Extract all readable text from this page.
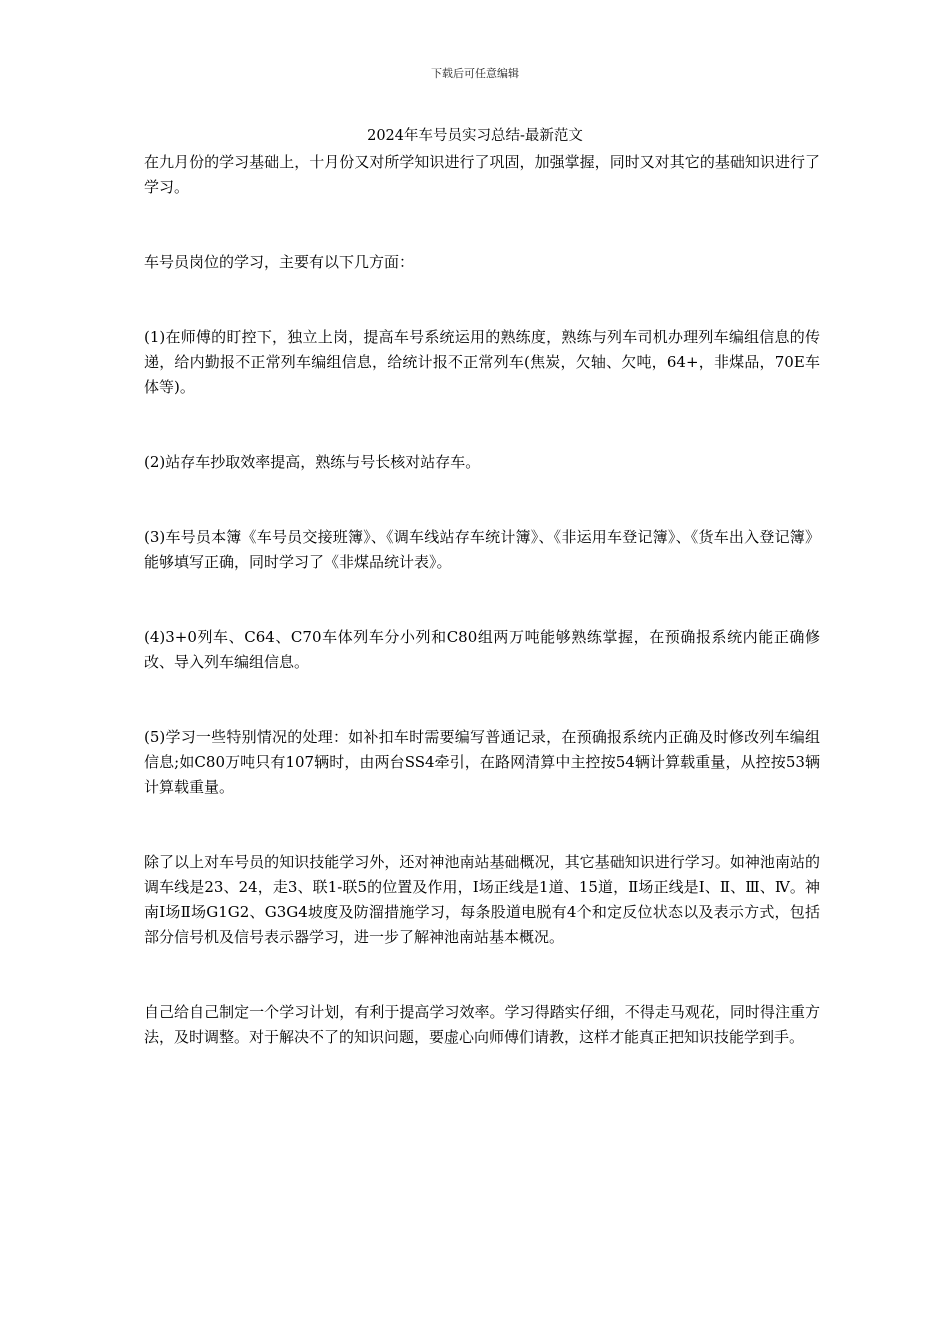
下载后可任意编辑
2024年车号员实习总结-最新范文

在九月份的学习基础上，十月份又对所学知识进行了巩固，加强掌握，同时又对其它的基础知识进行了学习。

车号员岗位的学习，主要有以下几方面：

(1)在师傅的盯控下，独立上岗，提高车号系统运用的熟练度，熟练与列车司机办理列车编组信息的传递，给内勤报不正常列车编组信息，给统计报不正常列车(焦炭，欠轴、欠吨，64+，非煤品，70E车体等)。

(2)站存车抄取效率提高，熟练与号长核对站存车。

(3)车号员本簿《车号员交接班簿》、《调车线站存车统计簿》、《非运用车登记簿》、《货车出入登记簿》能够填写正确，同时学习了《非煤品统计表》。

(4)3+0列车、C64、C70车体列车分小列和C80组两万吨能够熟练掌握，在预确报系统内能正确修改、导入列车编组信息。

(5)学习一些特别情况的处理：如补扣车时需要编写普通记录，在预确报系统内正确及时修改列车编组信息;如C80万吨只有107辆时，由两台SS4牵引，在路网清算中主控按54辆计算载重量，从控按53辆计算载重量。

除了以上对车号员的知识技能学习外，还对神池南站基础概况，其它基础知识进行学习。如神池南站的调车线是23、24，走3、联1-联5的位置及作用，Ⅰ场正线是1道、15道，Ⅱ场正线是Ⅰ、Ⅱ、Ⅲ、Ⅳ。神南Ⅰ场Ⅱ场G1G2、G3G4坡度及防溜措施学习，每条股道电脱有4个和定反位状态以及表示方式，包括部分信号机及信号表示器学习，进一步了解神池南站基本概况。

自己给自己制定一个学习计划，有利于提高学习效率。学习得踏实仔细，不得走马观花，同时得注重方法，及时调整。对于解决不了的知识问题，要虚心向师傅们请教，这样才能真正把知识技能学到手。
